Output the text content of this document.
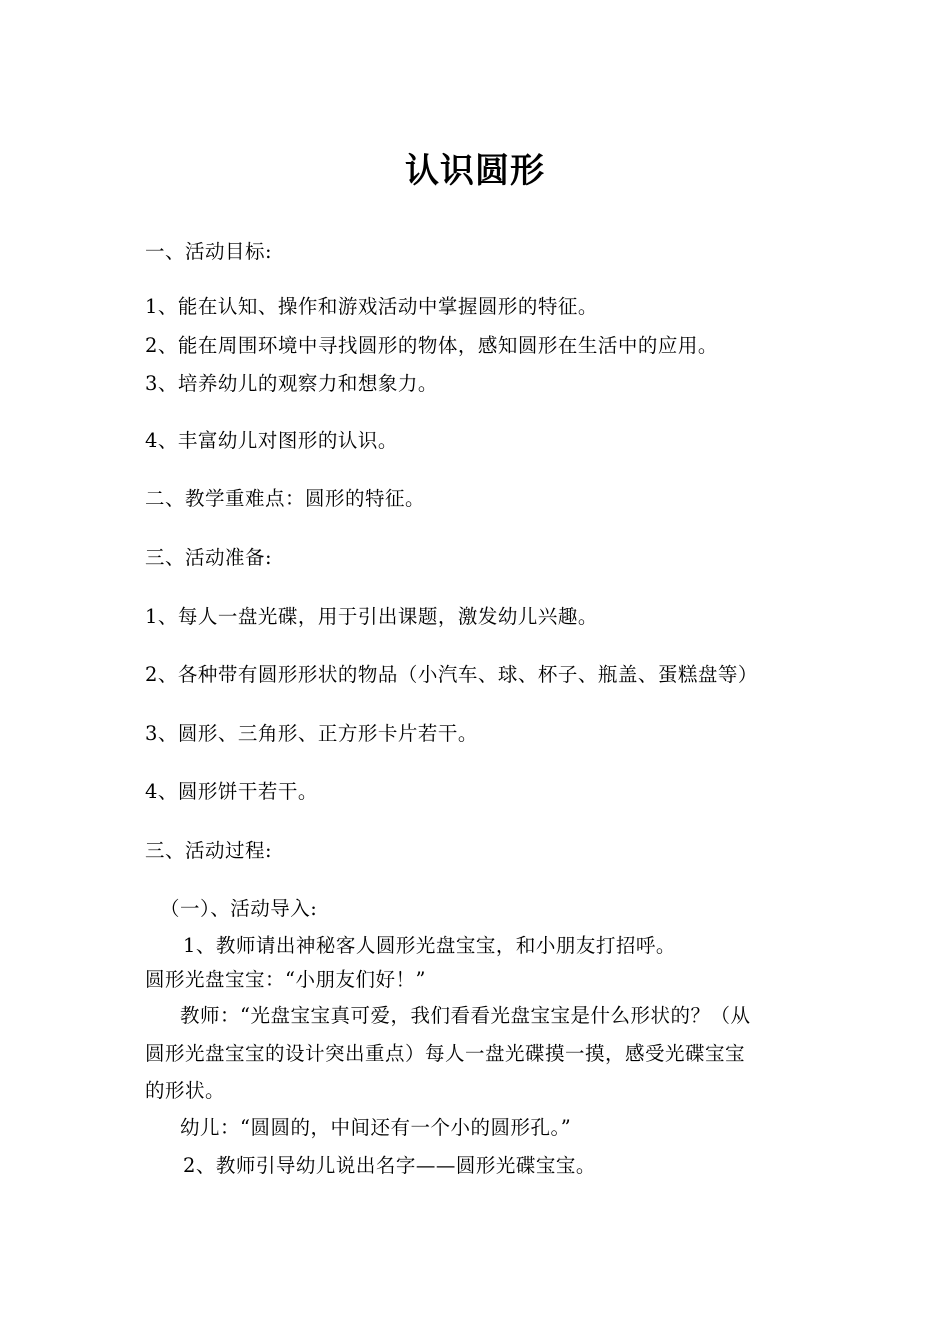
认识圆形
一、活动目标:
1、能在认知、操作和游戏活动中掌握圆形的特征。
2、能在周围环境中寻找圆形的物体，感知圆形在生活中的应用。
3、培养幼儿的观察力和想象力。
4、丰富幼儿对图形的认识。
二、教学重难点：圆形的特征。
三、活动准备:
1、每人一盘光碟，用于引出课题，激发幼儿兴趣。
2、各种带有圆形形状的物品（小汽车、球、杯子、瓶盖、蛋糕盘等）
3、圆形、三角形、正方形卡片若干。
4、圆形饼干若干。
三、活动过程:
（一）、活动导入:
1、教师请出神秘客人圆形光盘宝宝，和小朋友打招呼。
圆形光盘宝宝：“小朋友们好！”
教师：“光盘宝宝真可爱，我们看看光盘宝宝是什么形状的？（从
圆形光盘宝宝的设计突出重点）每人一盘光碟摸一摸，感受光碟宝宝
的形状。
幼儿：“圆圆的，中间还有一个小的圆形孔。”
2、教师引导幼儿说出名字——圆形光碟宝宝。
